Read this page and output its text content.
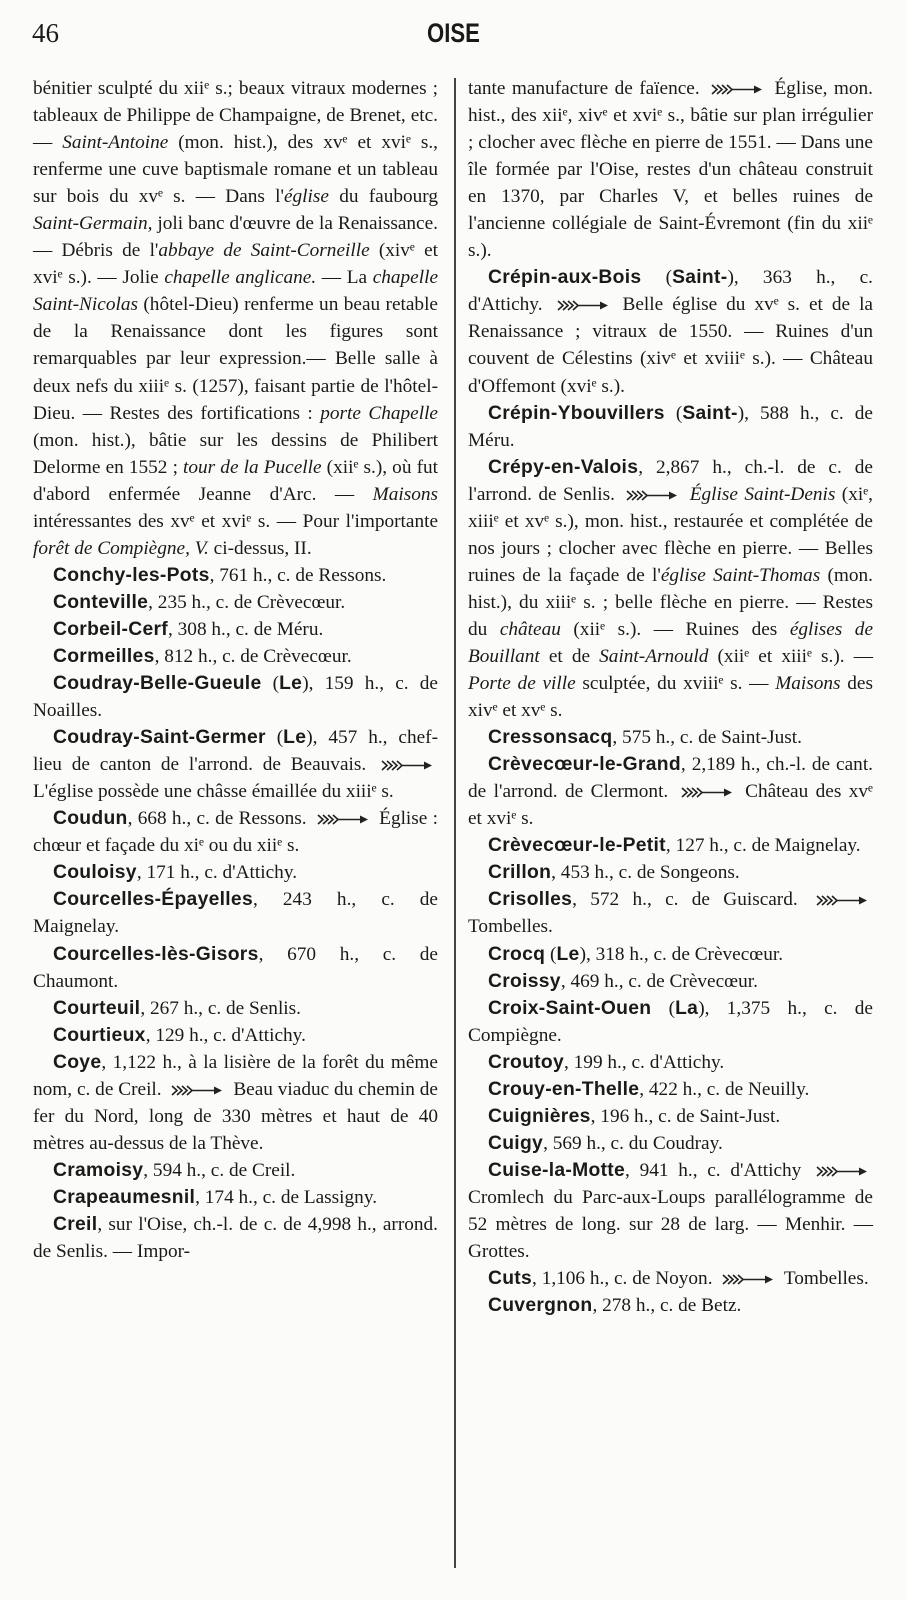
46	OISE

bénitier sculpté du xiiᵉ s.; beaux vitraux modernes ; tableaux de Philippe de Champaigne, de Brenet, etc. — Saint-Antoine (mon. hist.), des xvᵉ et xviᵉ s., renferme une cuve baptismale romane et un tableau sur bois du xvᵉ s. — Dans l'église du faubourg Saint-Germain, joli banc d'œuvre de la Renaissance. — Débris de l'abbaye de Saint-Corneille (xivᵉ et xviᵉ s.). — Jolie chapelle anglicane. — La chapelle Saint-Nicolas (hôtel-Dieu) renferme un beau retable de la Renaissance dont les figures sont remarquables par leur expression.— Belle salle à deux nefs du xiiiᵉ s. (1257), faisant partie de l'hôtel-Dieu. — Restes des fortifications : porte Chapelle (mon. hist.), bâtie sur les dessins de Philibert Delorme en 1552 ; tour de la Pucelle (xiiᵉ s.), où fut d'abord enfermée Jeanne d'Arc. — Maisons intéressantes des xvᵉ et xviᵉ s. — Pour l'importante forêt de Compiègne, V. ci-dessus, II.

Conchy-les-Pots, 761 h., c. de Ressons.

Conteville, 235 h., c. de Crèvecœur.

Corbeil-Cerf, 308 h., c. de Méru.

Cormeilles, 812 h., c. de Crèvecœur.

Coudray-Belle-Gueule (Le), 159 h., c. de Noailles.

Coudray-Saint-Germer (Le), 457 h., chef-lieu de canton de l'arrond. de Beauvais.
L'église possède une châsse émaillée du xiiiᵉ s.

Coudun, 668 h., c. de Ressons.	Église : chœur et façade du xiᵉ ou du xiiᵉ s.

Couloisy, 171 h., c. d'Attichy.

Courcelles-Épayelles, 243 h., c. de Maignelay.

Courcelles-lès-Gisors, 670 h., c. de Chaumont.

Courteuil, 267 h., c. de Senlis.

Courtieux, 129 h., c. d'Attichy.

Coye, 1,122 h., à la lisière de la forêt du même nom, c. de Creil.	Beau viaduc du chemin de fer du Nord, long de 330 mètres et haut de 40 mètres au-dessus de la Thève.

Cramoisy, 594 h., c. de Creil.

Crapeaumesnil, 174 h., c. de Lassigny.

Creil, sur l'Oise, ch.-l. de c. de 4,998 h., arrond. de Senlis. — Impor-

tante manufacture de faïence.	Église, mon. hist., des xiiᵉ, xivᵉ et xviᵉ s., bâtie sur plan irrégulier ; clocher avec flèche en pierre de 1551. — Dans une île formée par l'Oise, restes d'un château construit en 1370, par Charles V, et belles ruines de l'ancienne collégiale de Saint-Évremont (fin du xiiᵉ s.).

Crépin-aux-Bois (Saint-), 363 h., c. d'Attichy.	Belle église du xvᵉ s. et de la Renaissance ; vitraux de 1550. — Ruines d'un couvent de Célestins (xivᵉ et xviiiᵉ s.). — Château d'Offemont (xviᵉ s.).

Crépin-Ybouvillers (Saint-), 588 h., c. de Méru.

Crépy-en-Valois, 2,867 h., ch.-l. de c. de l'arrond. de Senlis.	Église Saint-Denis (xiᵉ, xiiiᵉ et xvᵉ s.), mon. hist., restaurée et complétée de nos jours ; clocher avec flèche en pierre. — Belles ruines de la façade de l'église Saint-Thomas (mon. hist.), du xiiiᵉ s. ; belle flèche en pierre. — Restes du château (xiiᵉ s.). — Ruines des églises de Bouillant et de Saint-Arnould (xiiᵉ et xiiiᵉ s.). — Porte de ville sculptée, du xviiiᵉ s. — Maisons des xivᵉ et xvᵉ s.

Cressonsacq, 575 h., c. de Saint-Just.

Crèvecœur-le-Grand, 2,189 h., ch.-l. de cant. de l'arrond. de Clermont.	Château des xvᵉ et xviᵉ s.

Crèvecœur-le-Petit, 127 h., c. de Maignelay.

Crillon, 453 h., c. de Songeons.

Crisolles, 572 h., c. de Guiscard.
Tombelles.

Crocq (Le), 318 h., c. de Crèvecœur.

Croissy, 469 h., c. de Crèvecœur.

Croix-Saint-Ouen (La), 1,375 h., c. de Compiègne.

Croutoy, 199 h., c. d'Attichy.

Crouy-en-Thelle, 422 h., c. de Neuilly.

Cuignières, 196 h., c. de Saint-Just.

Cuigy, 569 h., c. du Coudray.

Cuise-la-Motte, 941 h., c. d'Attichy
Cromlech du Parc-aux-Loups parallélogramme de 52 mètres de long. sur 28 de larg. — Menhir. — Grottes.

Cuts, 1,106 h., c. de Noyon.	Tombelles.

Cuvergnon, 278 h., c. de Betz.
